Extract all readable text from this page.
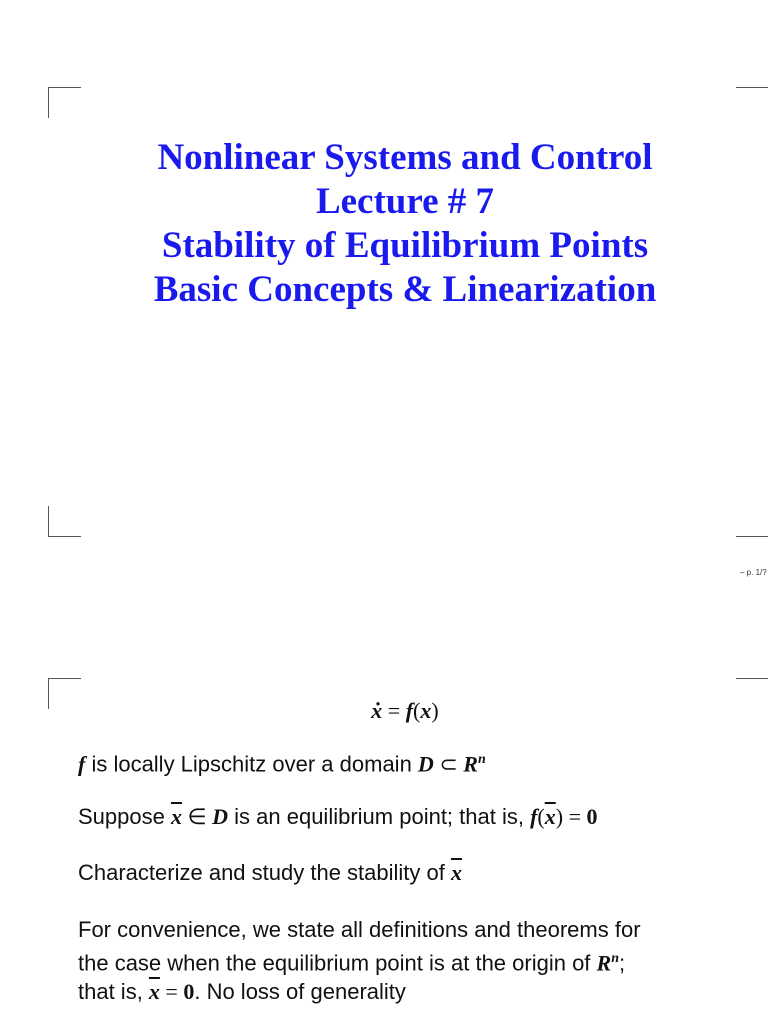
Nonlinear Systems and Control
Lecture # 7
Stability of Equilibrium Points
Basic Concepts & Linearization
– p. 1/?
ẋ = f(x)
f is locally Lipschitz over a domain D ⊂ $R^n$
Suppose $\overline{x}$ ∈ D is an equilibrium point; that is, $f(\overline{x}) = 0$
Characterize and study the stability of $\overline{x}$
For convenience, we state all definitions and theorems for
the case when the equilibrium point is at the origin of $R^n$;
that is, $\overline{x} = 0$. No loss of generality
